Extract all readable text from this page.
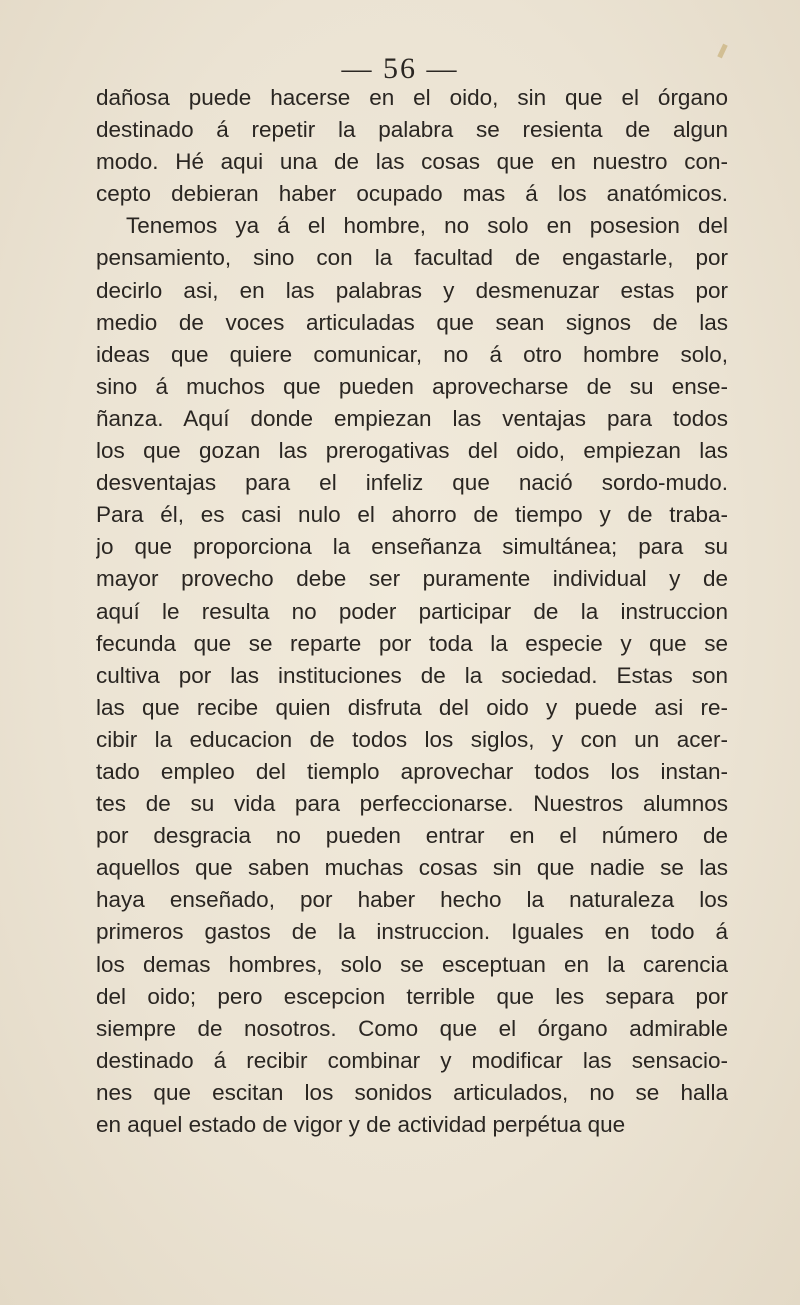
— 56 —
dañosa puede hacerse en el oido, sin que el órgano
destinado á repetir la palabra se resienta de algun
modo. Hé aqui una de las cosas que en nuestro con-
cepto debieran haber ocupado mas á los anatómicos.
Tenemos ya á el hombre, no solo en posesion del
pensamiento, sino con la facultad de engastarle, por
decirlo asi, en las palabras y desmenuzar estas por
medio de voces articuladas que sean signos de las
ideas que quiere comunicar, no á otro hombre solo,
sino á muchos que pueden aprovecharse de su ense-
ñanza. Aquí donde empiezan las ventajas para todos
los que gozan las prerogativas del oido, empiezan las
desventajas para el infeliz que nació sordo-mudo.
Para él, es casi nulo el ahorro de tiempo y de traba-
jo que proporciona la enseñanza simultánea; para su
mayor provecho debe ser puramente individual y de
aquí le resulta no poder participar de la instruccion
fecunda que se reparte por toda la especie y que se
cultiva por las instituciones de la sociedad. Estas son
las que recibe quien disfruta del oido y puede asi re-
cibir la educacion de todos los siglos, y con un acer-
tado empleo del tiemplo aprovechar todos los instan-
tes de su vida para perfeccionarse. Nuestros alumnos
por desgracia no pueden entrar en el número de
aquellos que saben muchas cosas sin que nadie se las
haya enseñado, por haber hecho la naturaleza los
primeros gastos de la instruccion. Iguales en todo á
los demas hombres, solo se esceptuan en la carencia
del oido; pero escepcion terrible que les separa por
siempre de nosotros. Como que el órgano admirable
destinado á recibir combinar y modificar las sensacio-
nes que escitan los sonidos articulados, no se halla
en aquel estado de vigor y de actividad perpétua que
